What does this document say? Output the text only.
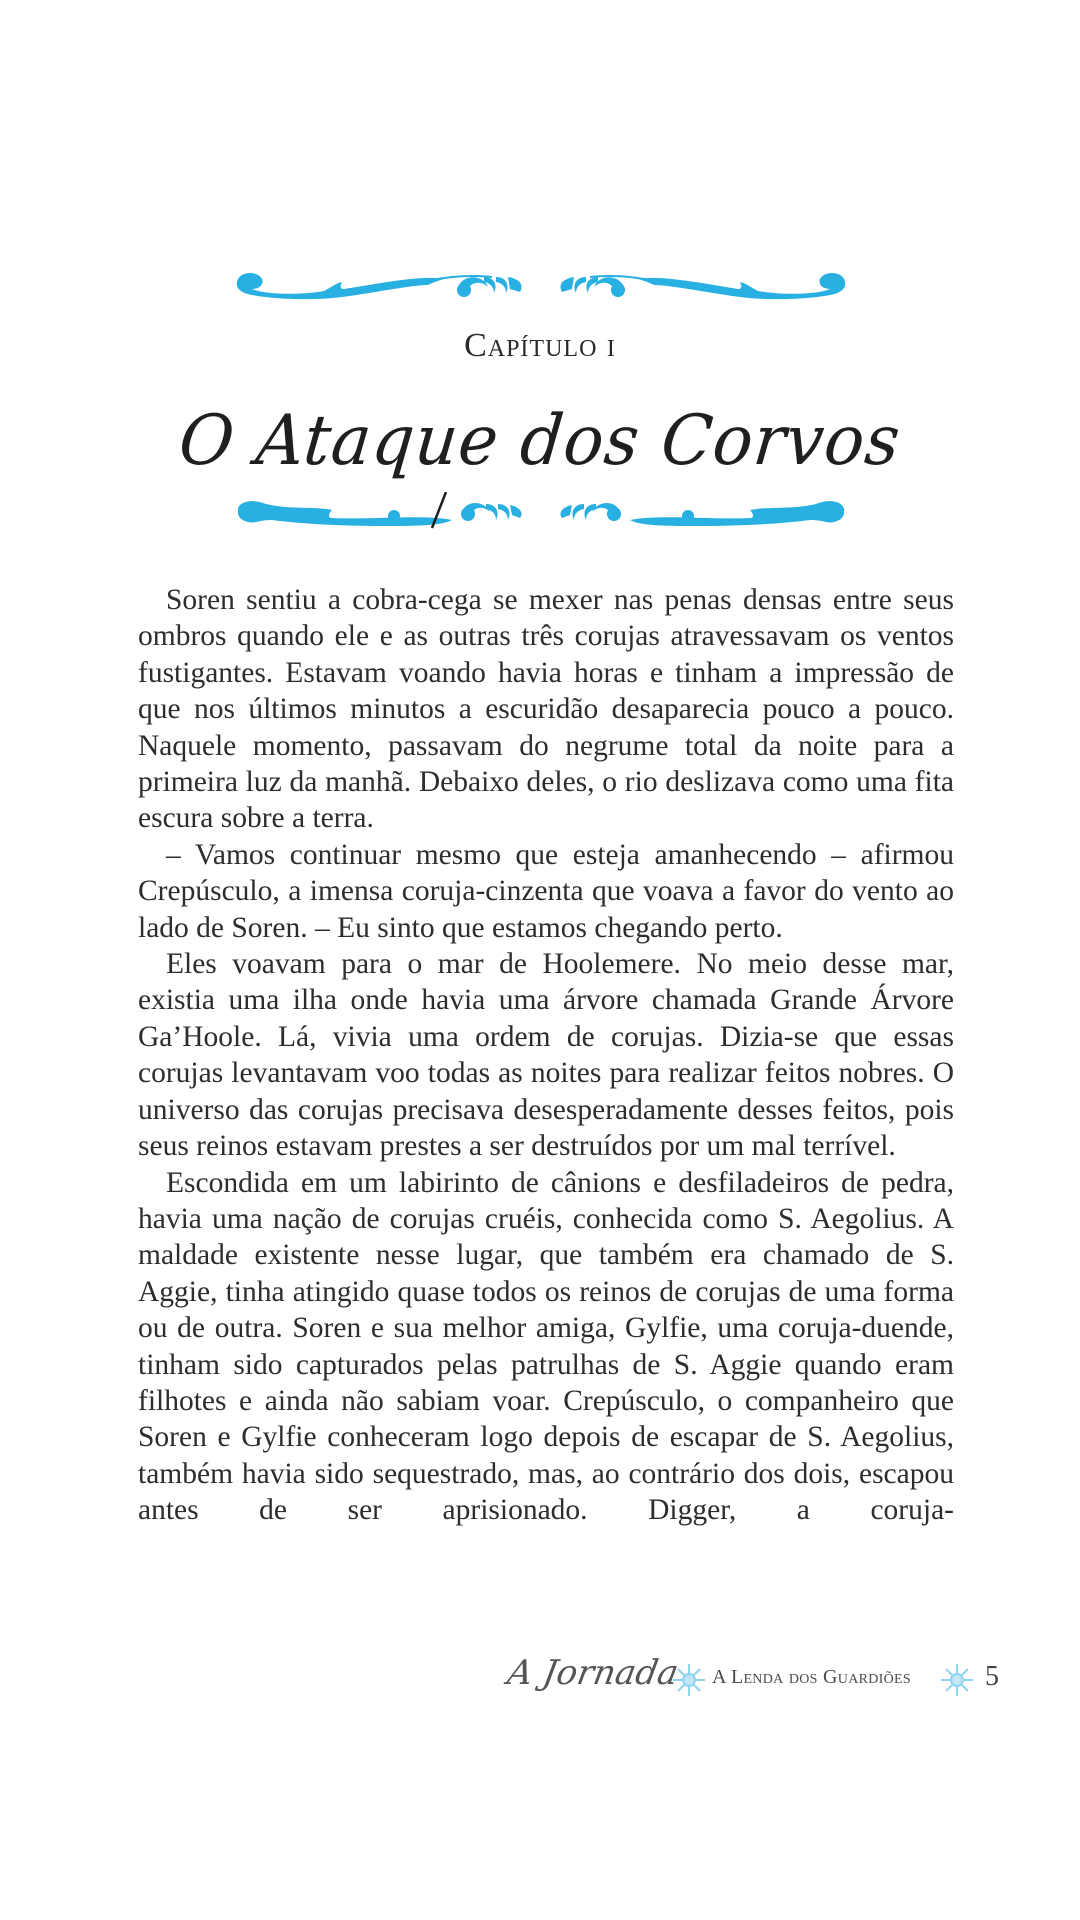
Capítulo i
O Ataque dos Corvos

Soren sentiu a cobra-cega se mexer nas penas densas entre seus ombros quando ele e as outras três corujas atravessavam os ventos fustigantes. Estavam voando havia horas e tinham a impressão de que nos últimos minutos a escuridão desaparecia pouco a pouco. Naquele momento, passavam do negrume total da noite para a primeira luz da manhã. Debaixo deles, o rio deslizava como uma fita escura sobre a terra.

– Vamos continuar mesmo que esteja amanhecendo – afirmou Crepúsculo, a imensa coruja-cinzenta que voava a favor do vento ao lado de Soren. – Eu sinto que estamos chegando perto.

Eles voavam para o mar de Hoolemere. No meio desse mar, existia uma ilha onde havia uma árvore chamada Grande Árvore Ga’Hoole. Lá, vivia uma ordem de corujas. Dizia-se que essas corujas levantavam voo todas as noites para realizar feitos nobres. O universo das corujas precisava desesperadamente desses feitos, pois seus reinos estavam prestes a ser destruídos por um mal terrível.

Escondida em um labirinto de cânions e desfiladeiros de pedra, havia uma nação de corujas cruéis, conhecida como S. Aegolius. A maldade existente nesse lugar, que também era chamado de S. Aggie, tinha atingido quase todos os reinos de corujas de uma forma ou de outra. Soren e sua melhor amiga, Gylfie, uma coruja-duende, tinham sido capturados pelas patrulhas de S. Aggie quando eram filhotes e ainda não sabiam voar. Crepúsculo, o companheiro que Soren e Gylfie conheceram logo depois de escapar de S. Aegolius, também havia sido sequestrado, mas, ao contrário dos dois, escapou antes de ser aprisionado. Digger, a coruja-

A Jornada A Lenda dos Guardiões	5
